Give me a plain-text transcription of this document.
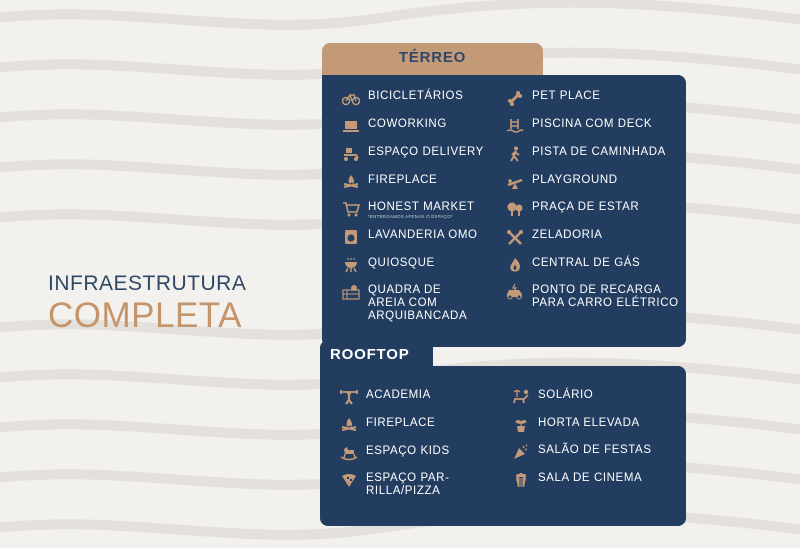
INFRAESTRUTURA
COMPLETA
TÉRREO
ROOFTOP
BICICLETÁRIOS
COWORKING
ESPAÇO DELIVERY
FIREPLACE
HONEST MARKET
*ENTREGAMOS APENAS O ESPAÇO*
LAVANDERIA OMO
QUIOSQUE
QUADRA DE
AREIA COM
ARQUIBANCADA
PET PLACE
PISCINA COM DECK
PISTA DE CAMINHADA
PLAYGROUND
PRAÇA DE ESTAR
ZELADORIA
CENTRAL DE GÁS
PONTO DE RECARGA
PARA CARRO ELÉTRICO
ACADEMIA
FIREPLACE
ESPAÇO KIDS
ESPAÇO PAR-
RILLA/PIZZA
SOLÁRIO
HORTA ELEVADA
SALÃO DE FESTAS
SALA DE CINEMA
